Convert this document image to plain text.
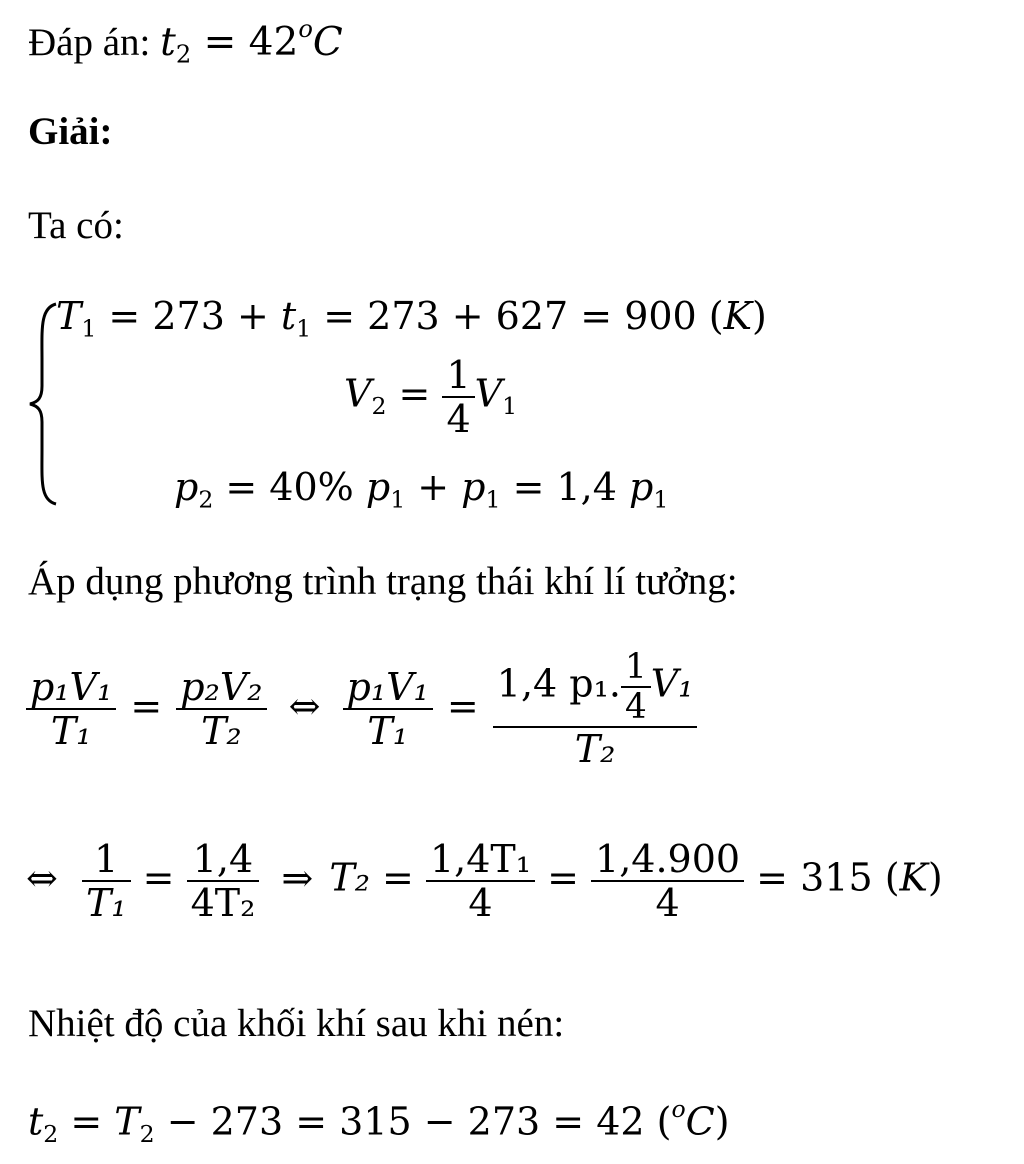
Đáp án: $t_2 = 42^oC$
Giải:
Ta có:
$T_1 = 273 + t_1 = 273 + 627 = 900$ (K)
$V_2 = \frac{1}{4} V_1$
$p_2 = 40\%$ $p_1 + p_1 = 1,4$ $p_1$
Áp dụng phương trình trạng thái khí lí tưởng:
$\frac{\text{p₁V₁}}{\text{T₁}} = \frac{\text{p₂V₂}}{\text{T₂}}$ ⇔ $\frac{\text{p₁V₁}}{\text{T₁}} = \frac{1,4 p_1. \frac{1}{4} V_1}{\text{T₂}}$
⇔ $\frac{1}{\text{T₁}} = \frac{1,4}{\text{4T₂}}$ ⇒ $T_2 = \frac{\text{1,4T₁}}{4} = \frac{1,4.900}{4} = 315$ (K)
Nhiệt độ của khối khí sau khi nén:
$t_2 = T_2 - 273 = 315 - 273 = 42$ ($^o$C)
